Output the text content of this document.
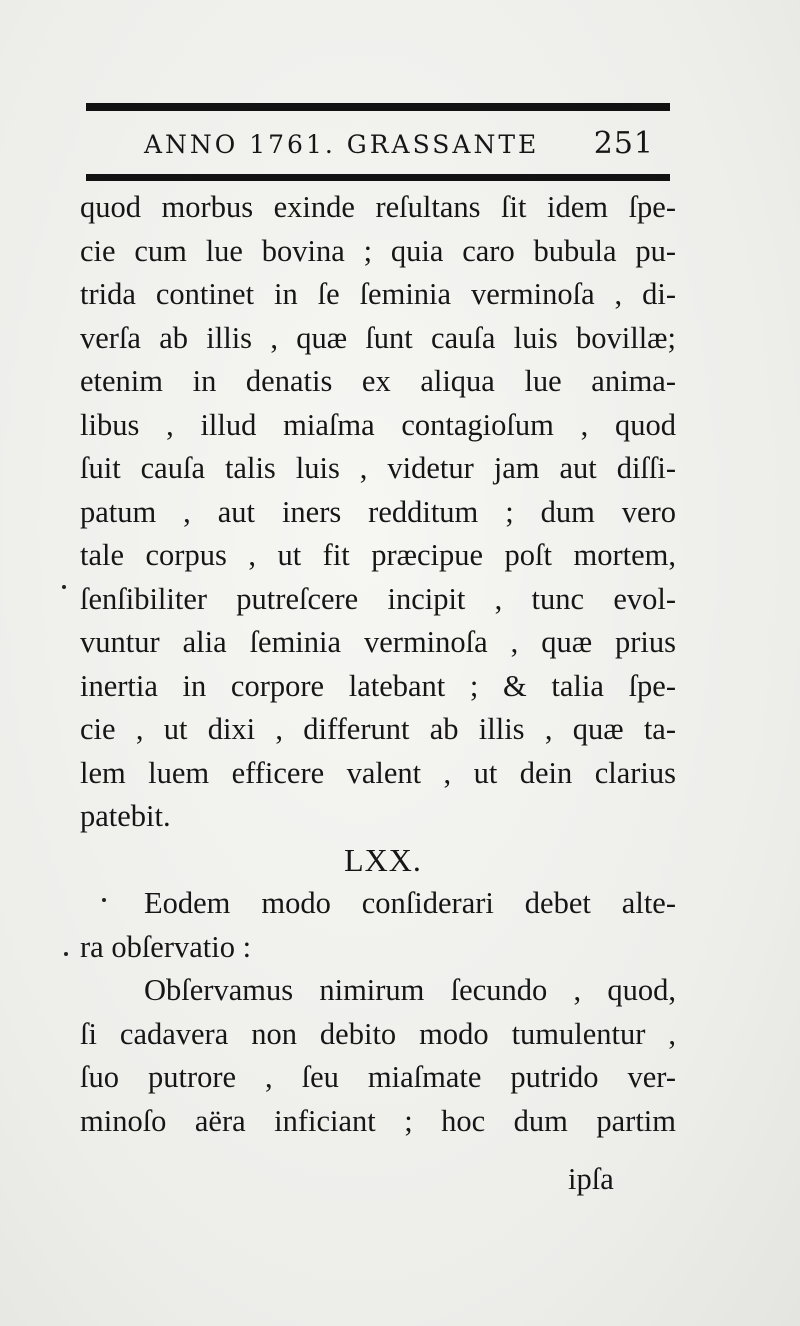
ANNO 1761. GRASSANTE 251
quod morbus exinde reſultans ſit idem ſpe-
cie cum lue bovina ; quia caro bubula pu-
trida continet in ſe ſeminia verminoſa , di-
verſa ab illis , quæ ſunt cauſa luis bovillæ;
etenim in denatis ex aliqua lue anima-
libus , illud miaſma contagioſum , quod
ſuit cauſa talis luis , videtur jam aut diſſi-
patum , aut iners redditum ; dum vero
tale corpus , ut fit præcipue poſt mortem,
ſenſibiliter putreſcere incipit , tunc evol-
vuntur alia ſeminia verminoſa , quæ prius
inertia in corpore latebant ; & talia ſpe-
cie , ut dixi , differunt ab illis , quæ ta-
lem luem efficere valent , ut dein clarius
patebit.
LXX.
Eodem modo conſiderari debet alte-
ra obſervatio :
Obſervamus nimirum ſecundo , quod,
ſi cadavera non debito modo tumulentur ,
ſuo putrore , ſeu miaſmate putrido ver-
minoſo aëra inficiant ; hoc dum partim
ipſa
